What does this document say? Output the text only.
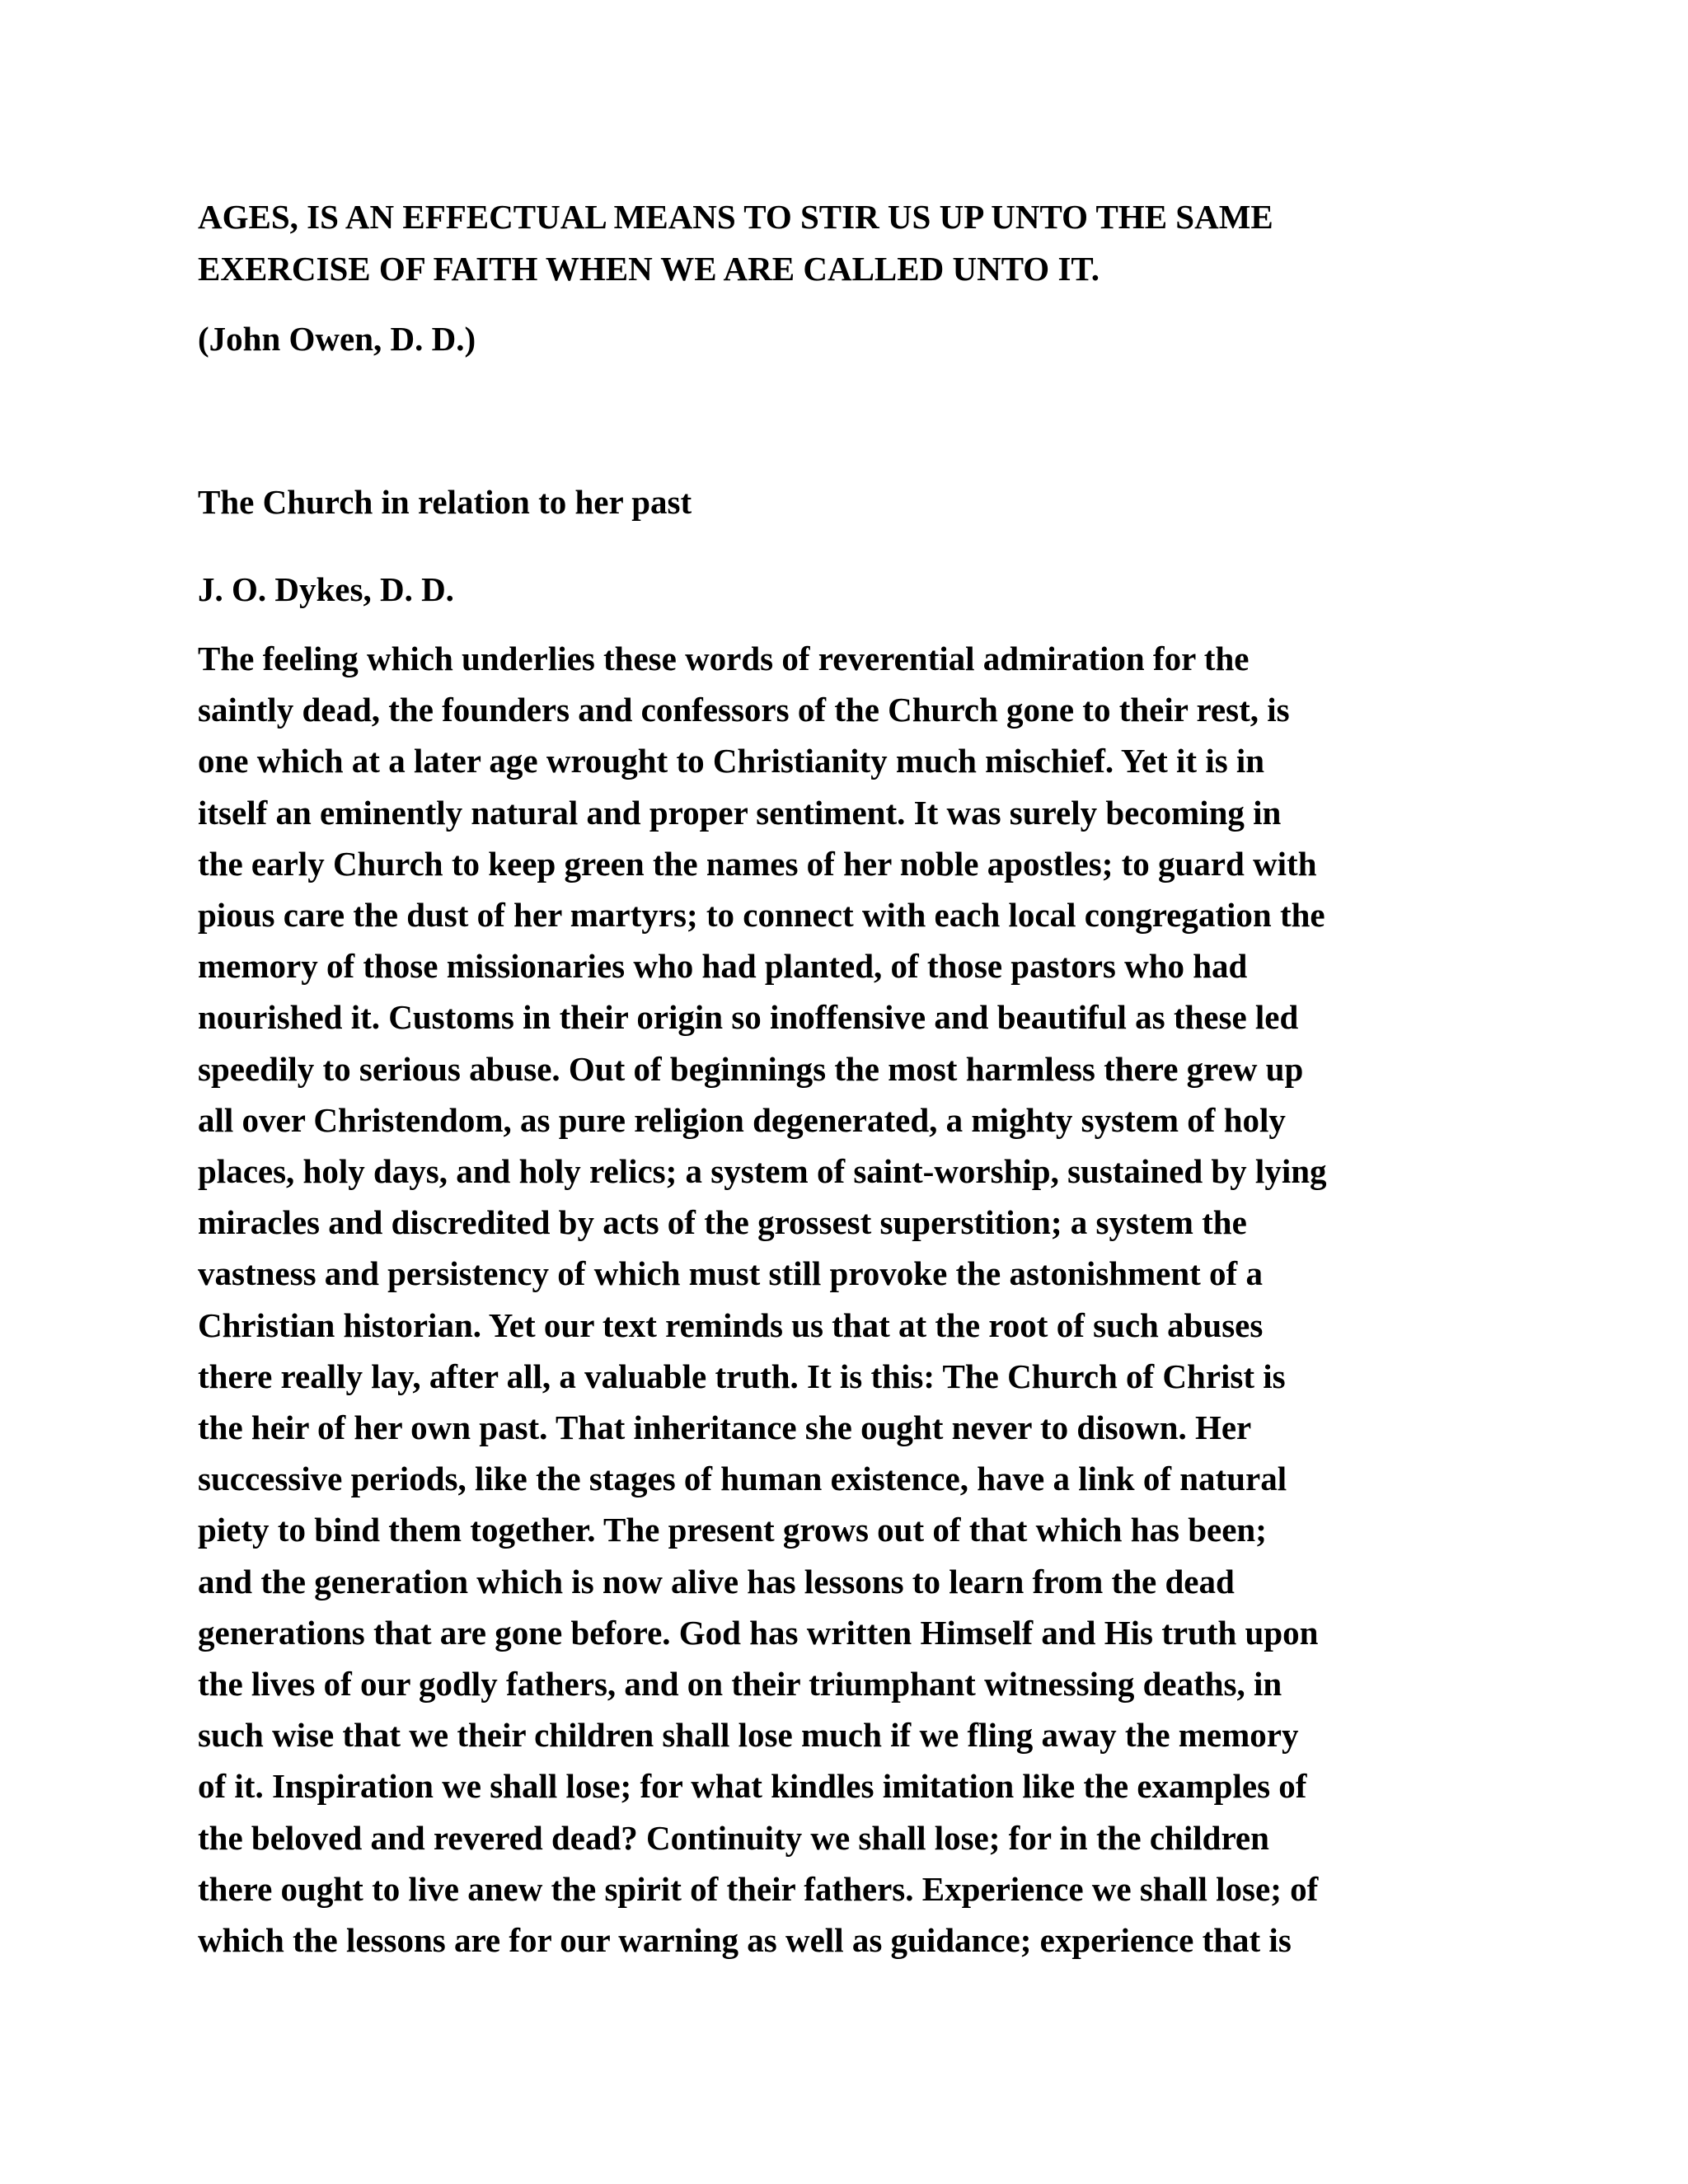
AGES, IS AN EFFECTUAL MEANS TO STIR US UP UNTO THE SAME
EXERCISE OF FAITH WHEN WE ARE CALLED UNTO IT.
(John Owen, D. D.)
The Church in relation to her past
J. O. Dykes, D. D.
The feeling which underlies these words of reverential admiration for the
saintly dead, the founders and confessors of the Church gone to their rest, is
one which at a later age wrought to Christianity much mischief. Yet it is in
itself an eminently natural and proper sentiment. It was surely becoming in
the early Church to keep green the names of her noble apostles; to guard with
pious care the dust of her martyrs; to connect with each local congregation the
memory of those missionaries who had planted, of those pastors who had
nourished it. Customs in their origin so inoffensive and beautiful as these led
speedily to serious abuse. Out of beginnings the most harmless there grew up
all over Christendom, as pure religion degenerated, a mighty system of holy
places, holy days, and holy relics; a system of saint-worship, sustained by lying
miracles and discredited by acts of the grossest superstition; a system the
vastness and persistency of which must still provoke the astonishment of a
Christian historian. Yet our text reminds us that at the root of such abuses
there really lay, after all, a valuable truth. It is this: The Church of Christ is
the heir of her own past. That inheritance she ought never to disown. Her
successive periods, like the stages of human existence, have a link of natural
piety to bind them together. The present grows out of that which has been;
and the generation which is now alive has lessons to learn from the dead
generations that are gone before. God has written Himself and His truth upon
the lives of our godly fathers, and on their triumphant witnessing deaths, in
such wise that we their children shall lose much if we fling away the memory
of it. Inspiration we shall lose; for what kindles imitation like the examples of
the beloved and revered dead? Continuity we shall lose; for in the children
there ought to live anew the spirit of their fathers. Experience we shall lose; of
which the lessons are for our warning as well as guidance; experience that is
